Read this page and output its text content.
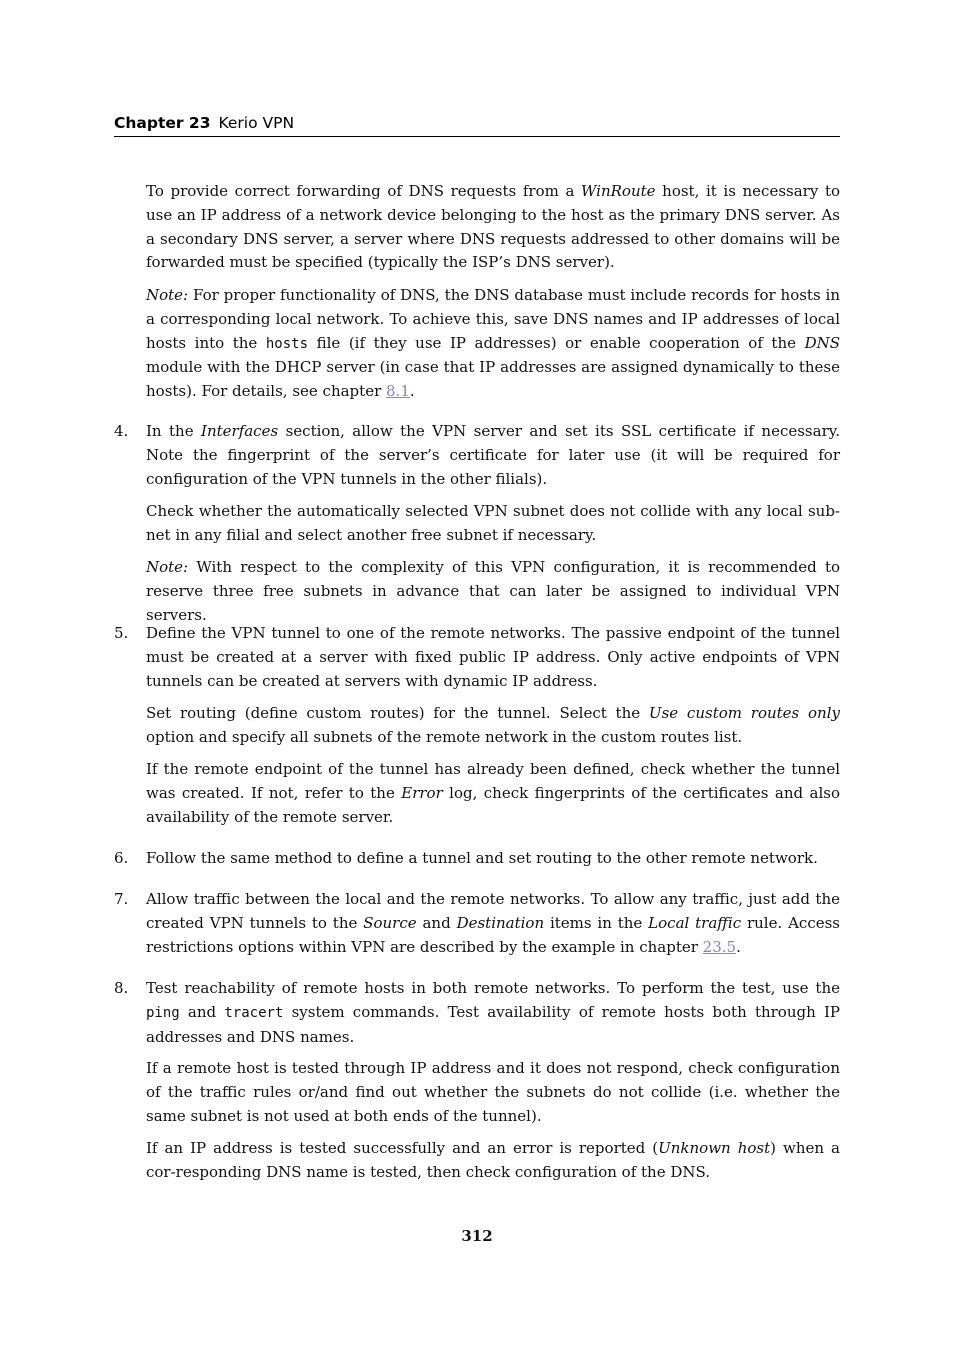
Chapter 23 Kerio VPN

To provide correct forwarding of DNS requests from a WinRoute host, it is necessary to use an IP address of a network device belonging to the host as the primary DNS server. As a secondary DNS server, a server where DNS requests addressed to other domains will be forwarded must be specified (typically the ISP’s DNS server).

Note: For proper functionality of DNS, the DNS database must include records for hosts in a corresponding local network. To achieve this, save DNS names and IP addresses of local hosts into the hosts file (if they use IP addresses) or enable cooperation of the DNS module with the DHCP server (in case that IP addresses are assigned dynamically to these hosts). For details, see chapter 8.1.

4. In the Interfaces section, allow the VPN server and set its SSL certificate if necessary. Note the fingerprint of the server’s certificate for later use (it will be required for configuration of the VPN tunnels in the other filials).

Check whether the automatically selected VPN subnet does not collide with any local sub-net in any filial and select another free subnet if necessary.

Note: With respect to the complexity of this VPN configuration, it is recommended to reserve three free subnets in advance that can later be assigned to individual VPN servers.

5. Define the VPN tunnel to one of the remote networks. The passive endpoint of the tunnel must be created at a server with fixed public IP address. Only active endpoints of VPN tunnels can be created at servers with dynamic IP address.

Set routing (define custom routes) for the tunnel. Select the Use custom routes only option and specify all subnets of the remote network in the custom routes list.

If the remote endpoint of the tunnel has already been defined, check whether the tunnel was created. If not, refer to the Error log, check fingerprints of the certificates and also availability of the remote server.

6. Follow the same method to define a tunnel and set routing to the other remote network.

7. Allow traffic between the local and the remote networks. To allow any traffic, just add the created VPN tunnels to the Source and Destination items in the Local traffic rule. Access restrictions options within VPN are described by the example in chapter 23.5.

8. Test reachability of remote hosts in both remote networks. To perform the test, use the ping and tracert system commands. Test availability of remote hosts both through IP addresses and DNS names.

If a remote host is tested through IP address and it does not respond, check configuration of the traffic rules or/and find out whether the subnets do not collide (i.e. whether the same subnet is not used at both ends of the tunnel).

If an IP address is tested successfully and an error is reported (Unknown host) when a cor-responding DNS name is tested, then check configuration of the DNS.

312
